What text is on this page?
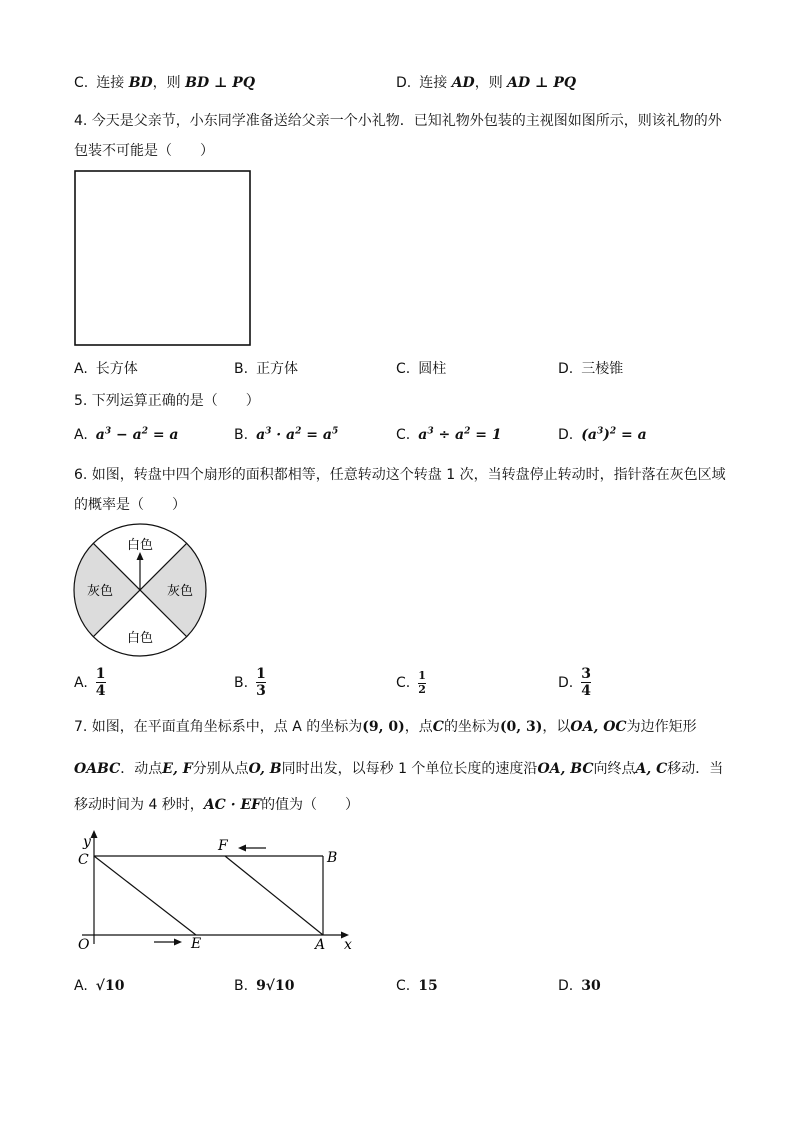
C. 连接 BD，则 BD ⊥ PQ	D. 连接 AD，则 AD ⊥ PQ
4. 今天是父亲节，小东同学准备送给父亲一个小礼物．已知礼物外包装的主视图如图所示，则该礼物的外
包装不可能是（　　）
A. 长方体	B. 正方体	C. 圆柱	D. 三棱锥
5. 下列运算正确的是（　　）
A. $a^3 - a^2 = a$	B. $a^3 \cdot a^2 = a^5$	C. $a^3 \div a^2 = 1$	D. $(a^3)^2 = a$
6. 如图，转盘中四个扇形的面积都相等，任意转动这个转盘 1 次，当转盘停止转动时，指针落在灰色区域
的概率是（　　）
白色
白色
灰色	灰色
A. $\frac{1}{4}$	B. $\frac{1}{3}$	C. $\frac{1}{2}$	D. $\frac{3}{4}$
7. 如图，在平面直角坐标系中，点 A 的坐标为(9, 0)，点C的坐标为(0, 3)，以OA, OC为边作矩形
OABC．动点E, F分别从点O, B同时出发，以每秒 1 个单位长度的速度沿OA, BC向终点A, C移动．当
移动时间为 4 秒时，AC · EF的值为（　　）
y
x
C
F
B
O	E	A
A. √10	B. 9√10	C. 15	D. 30
